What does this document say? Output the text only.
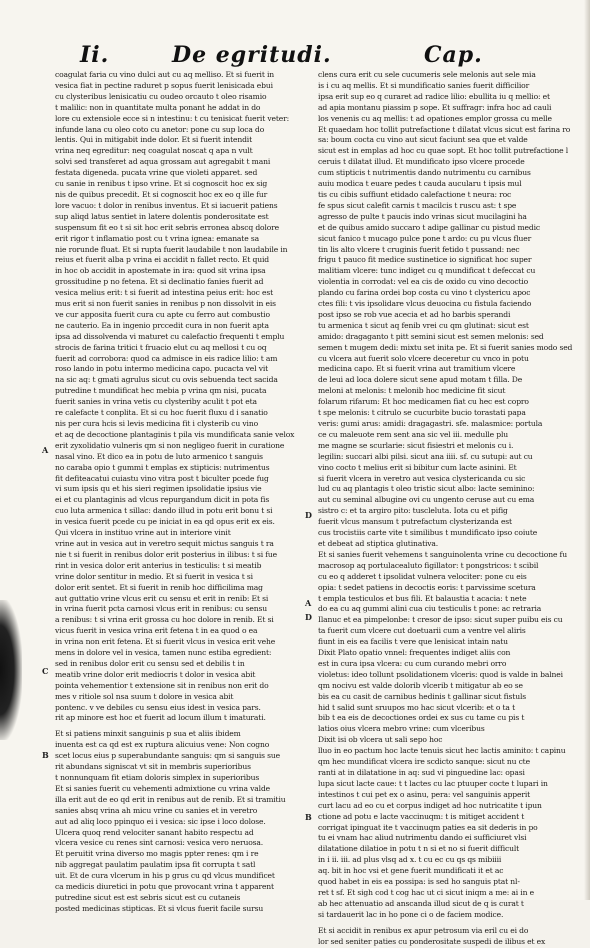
Ii.	De egritudi.	Cap.
coagulat faria cu vino dulci aut cu aq melliso. Et si fuerit in
vesica fiat in pectine raduret p sopus fuerit lenisicada ebui
cu clysteribus lenisicatiu cu oudeo orcauto t oleo risamio
t malilic: non in quantitate multa ponant he addat in do
lore cu extensiole ecce si n intestinu: t cu tenisicat fuerit veter:
infunde lana cu oleo coto cu anetor: pone cu sup loca do
lentis. Qui in mitigabit inde dolor. Et si fuerit intendit
vrina neq egreditur: neq coagulat noscat q apa n vult
solvi sed transferet ad aqua grossam aut agregabit t mani
festata digeneda. pucata vrine que violeti apparet. sed
cu sanie in renibus t ipso vrine. Et si cognoscit hoc ex sig
nis de quibus precedit. Et si cognoscit hoc ex eo q ille fur
lore vacuo: t dolor in renibus inventus. Et si iacuerit patiens
sup aliqd latus sentiet in latere dolentis ponderositate est
suspensum fit eo t si sit hoc erit sebris erronea abscq dolore
erit rigor t inflamatio post cu t vrina ignea: emanate sa
nie rorunde fluat. Et si rupta fuerit laudabile t non laudabile in
reius et fuerit alba p vrina ei accidit n fallet recto. Et quid
in hoc ob accidit in apostemate in ira: quod sit vrina ipsa
grossitudine p no fetena. Et si declinatio fanies fuerit ad
vesica melius erit: t si fuerit ad intestina peius erit: hoc est
mus erit si non fuerit sanies in renibus p non dissolvit in eis
ve cur apposita fuerit cura cu apte cu ferro aut combustio
ne cauterio. Ea in ingenio prccedit cura in non fuerit apta
ipsa ad dissolvenda vi maturet cu calefactio frequenti t emplu
strocis de farina tritici t fruacio elut cu aq mellosi t cu oq
fuerit ad corrobora: quod ca admisce in eis radice lilio: t am
roso lando in potu intermo medicina capo. pucacta vel vit
na sic aq: t gmati agrulus sicut cu ovis sebuenda tect sacida
putredine t mundificat hec mebia p vrina qm nisi, pucata
fuerit sanies in vrina vetis cu clysteriby aculit t pot eta
re calefacte t conplita. Et si cu hoc fuerit fluxu d i sanatio
nis per cura hcis si levis medicina fit i clysterib cu vino
et aq de decoctione plantaginis t pila vis mundificata sanie velox
erit zyxolidatio vulneris qm si non negligeo fuerit in curatione
nasal vino. Et dico ea in potu de luto armenico t sanguis
no caraba opio t gummi t emplas ex stipticis: nutrimentus
fit defiteacatui cuiastu vino vitra post t biculter pcede fug
vi sum ipsis qu et his sieri regimen ipsolidatie ipsius vie
ei et cu plantaginis ad vlcus repurgandum dicit in pota fis
cuo luta armenica t sillac: dando illud in potu erit bonu t si
in vesica fuerit pcede cu pe iniciat in ea qd opus erit ex eis.
Qui vlcera in instituo vrine aut in interiore vinit
vrine aut in vesica aut in veretro sequit mictus sanguis t ra
nie t si fuerit in renibus dolor erit posterius in ilibus: t si fue
rint in vesica dolor erit anterius in testiculis: t si meatib
vrine dolor sentitur in medio. Et si fuerit in vesica t si
dolor erit sentet. Et si fuerit in renib hoc difficilima mag
aut guttatio vrine vlcus erit cu sensu et erit in renib: Et si
in vrina fuerit pcta carnosi vlcus erit in renibus: cu sensu
a renibus: t si vrina erit grossa cu hoc dolore in renib. Et si
vicus fuerit in vesica vrina erit fetena t in ea quod o ea
in vrina non erit fetena. Et si fuerit vlcus in vesica erit vehe
mens in dolore vel in vesica, tamen nunc estiba egredient:
sed in renibus dolor erit cu sensu sed et debilis t in
meatib vrine dolor erit mediocris t dolor in vesica abit
pointa vehementior t extensione sit in renibus non erit do
mes v ritiole sol nsa suum t dolore in vesica abit
pontenc. v ve debiles cu sensu eius idest in vesica pars.
rit ap minore est hoc et fuerit ad locum illum t imaturati.
Et si patiens minxit sanguinis p sua et aliis ibidem
inuenta est ca qd est ex ruptura alicuius vene: Non cogno
scet locus eius p superabundante sanguis: qm si sanguis sue
rit abundans signiscat vt sit in membris superioribus
t nonnunquam fit etiam doloris simplex in superioribus
Et si sanies fuerit cu vehementi admixtione cu vrina valde
illa erit aut de eo qd erit in renibus aut de renib. Et si tramitiu
sanies absq vrina ah micu vrine cu sanies et in veretro
aut ad aliq loco ppinquo ei i vesica: sic ipse i loco dolose.
Ulcera quoq rend velociter sanant habito respectu ad
vlcera vesice cu renes sint carnosi: vesica vero neruosa.
Et peruitit vrina diverso mo magis ppter renes: qm i re
nib aggregat paulatim paulatim ipsa fit corrupta t satl
uit. Et de cura vlcerum in his p grus cu qd vlcus mundificet
ca medicis diuretici in potu que provocant vrina t apparent
putredine sicut est est sebris sicut est cu cutaneis
posted medicinas stipticas. Et si vlcus fuerit facile sursu
clens cura erit cu sele cucumeris sele melonis aut sele mia
is i cu aq mellis. Et si mundificatio sanies fuerit difficilior
ipsa erit sup eo q curaret ad radice lilio: ebullita iu q mellio: et
ad apia montanu piassim p sope. Et suffragr: infra hoc ad cauli
los venenis cu aq mellis: t ad opationes emplor grossa cu melle
Et quaedam hoc tollit putrefactione t dilatat vlcus sicut est farina ro
sa: boum cocta cu vino aut sicut faciunt sea que et valde
sicut est in emplas ad hoc cu quae sopt. Et hoc tollit putrefactione l
ceruis t dilatat illud. Et mundificato ipso vlcere procede
cum stipticis t nutrimentis dando nutrimentu cu carnibus
auiu modica t euare pedes t cauda aucularu t ipsis mul
tis cu cibis suffiunt etidado calefactione t neura: roc
fe spus sicut calefit carnis t macilcis t ruscu ast: t spe
agresso de pulte t paucis indo vrinas sicut mucilagini ha
et de quibus amido succaro t adipe gallinar cu pistud medic
sicut fanico t mucago pulce pone t ardo: cu pu vlcus fluer
tin lis alto vlcere t cruginis fuerit fetido t pussand: nec
frigu t pauco fit medice sustinetice io significat hoc super
malitiam vlcere: tunc indiget cu q mundificat t defeccat cu
violentia in corrodat: vel ea cis de oxido cu vino decoctio
plando cu farina ordei bop costa cu vino t clystericu apoc
ctes fili: t vis ipsolidare vlcus deuocina cu fistula faciendo
post ipso se rob vue acecia et ad ho barbis sperandi
tu armenica t sicut aq fenib vrei cu qm glutinat: sicut est
amido: dragaganto t pitt semini sicut est semen melonis: sed
semen t mugem dedi: mixtu set inita pe. Et si fuerit sanies modo sed
cu vlcera aut fuerit solo vlcere deceretur cu vnco in potu
medicina capo. Et si fuerit vrina aut tramitium vlcere
de leui ad loca dolere sicut sene apud motam t filla. De
meloni at melonis: t melonib hoc medicine fit sicut
folarum rifarum: Et hoc medicamen fiat cu hec est copro
t spe melonis: t citrulo se cucurbite bucio torastati papa
veris: gumi arus: amidi: dragagastri. sfe. malasmice: portula
ce cu maleuote rem sent ana sic vel iii. medulle plu
me magne se scurlarie: sicut fisiestri et melonis cu i.
legilin: succari albi pilsi. sicut ana iiii. sf. cu sutupi: aut cu
vino cocto t melius erit si bibitur cum lacte asinini. Et
si fuerit vlcera in veretro aut vesica clystericanda cu sic
lud cu aq plantagis t oleo tristic sicut albo: lacte seminino:
aut cu seminal albugine ovi cu ungento ceruse aut cu ema
sistro c: et ta argiro pito: tuscleluta. Iota cu et pifig
fuerit vlcus mansum t putrefactum clysterizanda est
cus trocistiis carte vite t similibus t mundificato ipso coiute
et debeat ad stiptica glutinativa.
Et si sanies fuerit vehemens t sanguinolenta vrine cu decoctione fu
macrosop aq portulacealuto figillator: t pongstricos: t scibil
cu eo q adderet t ipsolidat vulnera velociter: pone cu eis
opia: t sedet patiens in decoctis eoris: t parvissime scetura
t empla testiculos et bus fili. Et balaustia t acacia: t nete
do ea cu aq gummi alini cua ciu testiculis t pone: ac retraria
Ilanuc et ea pimpelonbe: t cresor de ipso: sicut super puibu eis cu
ta fuerit cum vlcere cut doetuarii cum a ventre vel aliris
fiunt in eis ea facilis t vere que lenisicat intain natu
Dixit Plato opatio vnnel: frequentes indiget aliis con
est in cura ipsa vlcera: cu cum curando mebri orro
violetus: ideo tollunt psolidationem vlceris: quod is valde in balnei
qm nocivu est valde dolorib vlcerib t mitigatur ab eo se
bis ea cu casit de carnibus hedinis t gallinar sicut fistuls
hid t salid sunt sruupos mo hac sicut vlcerib: et o ta t
bib t ea eis de decoctiones ordei ex sus cu tame cu pis t
latios oius vlcera mebro vrine: cum vlceribus
Dixit isi ob vlcera ut sali sepo hoc
lluo in eo pactum hoc lacte tenuis sicut hec lactis aminito: t capinu
qm hec mundificat vlcera ire scdicto sanque: sicut nu cte
ranti at in dilatatione in aq: sud vi pinguedine lac: opasi
lupa sicut lacte caue: t t lactes cu lac ptuuper cocte t lupari in
intestinos t cui pet ex o asinu, pera: vel sanguinis apperit
curt lacu ad eo cu et corpus indiget ad hoc nutricatite t ipun
ctione ad potu e lacte vaccinuqm: t is mitiget accident t
corrigat ipinguat ite t vaccinuqm paties ea sit dederis in po
tu ei vnam hac aliud nutrimentu dando ei sufficiuret vlsi
dilatatione dilatioe in potu t n si et no si fuerit difficult
in i ii. iii. ad plus vlsq ad x. t cu ec cu qs qs mibiiii
aq. bit in hoc vsi et gene fuerit mundificati it et ac
quod habet in eis ea possipa: is sed ho sanguis ptat nl-
ret t sf. Et sigh cod t cog hac ut ci sicut iniqm a me: ai in e
ab hec attenuatio ad anscanda illud sicut de q is curat t
si tardauerit lac in ho pone ci o de faciem modice.
Et si accidit in renibus ex apur petrosum via eril cu ei do
lor sed seniter paties cu ponderositate suspedi de ilibus et ex
A
C
B
D
A
D
B
